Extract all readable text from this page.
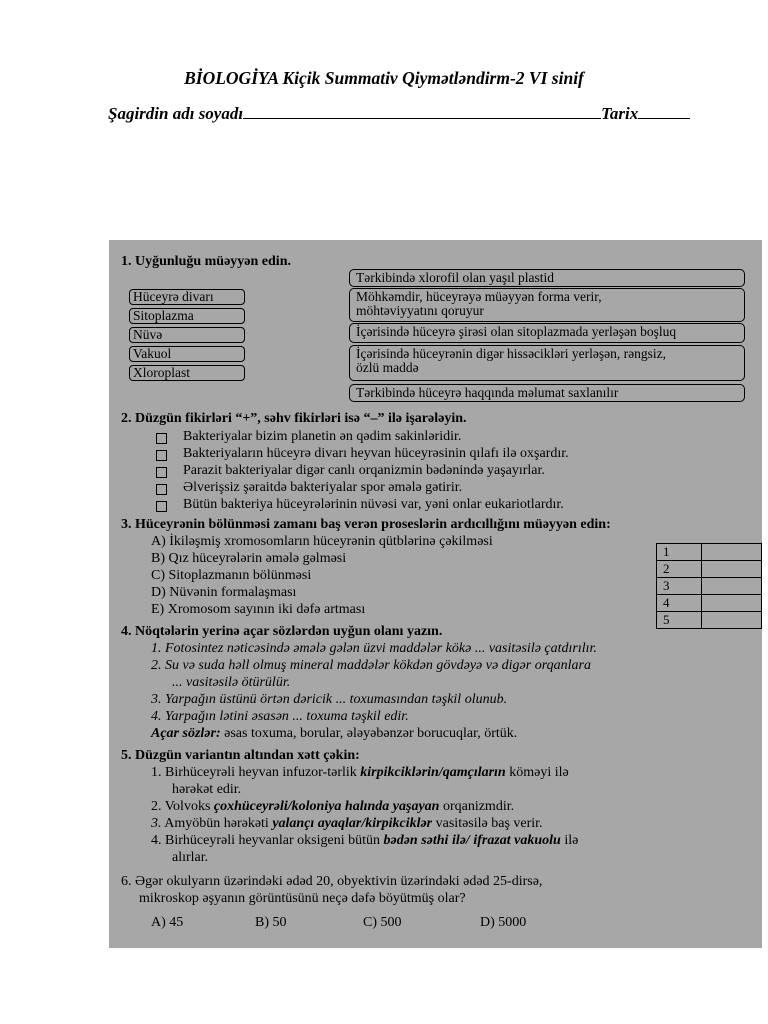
BİOLOGİYA Kiçik Summativ Qiymətləndirm-2 VI sinif
Şagirdin adı soyadı	Tarix
1. Uyğunluğu müəyyən edin.
Hüceyrə divarı
Sitoplazma
Nüvə
Vakuol
Xloroplast
Tərkibində xlorofil olan yaşıl plastid
Möhkəmdir, hüceyrəyə müəyyən forma verir,
möhtəviyyatını qoruyur
İçərisində hüceyrə şirəsi olan sitoplazmada yerləşən boşluq
İçərisində hüceyrənin digər hissəcikləri yerləşən, rəngsiz,
özlü maddə
Tərkibində hüceyrə haqqında məlumat saxlanılır
2. Düzgün fikirləri “+”, səhv fikirləri isə “–” ilə işarələyin.
Bakteriyalar bizim planetin ən qədim sakinləridir.
Bakteriyaların hüceyrə divarı heyvan hüceyrəsinin qılafı ilə oxşardır.
Parazit bakteriyalar digər canlı orqanizmin bədənində yaşayırlar.
Əlverişsiz şəraitdə bakteriyalar spor əmələ gətirir.
Bütün bakteriya hüceyrələrinin nüvəsi var, yəni onlar eukariotlardır.
3. Hüceyrənin bölünməsi zamanı baş verən proseslərin ardıcıllığını müəyyən edin:
A) İkiləşmiş xromosomların hüceyrənin qütblərinə çəkilməsi
B) Qız hüceyrələrin əmələ gəlməsi
C) Sitoplazmanın bölünməsi
D) Nüvənin formalaşması
E) Xromosom sayının iki dəfə artması
1	
2	
3	
4	
5	
4. Nöqtələrin yerinə açar sözlərdən uyğun olanı yazın.
1. Fotosintez nəticəsində əmələ gələn üzvi maddələr kökə ... vasitəsilə çatdırılır.
2. Su və suda həll olmuş mineral maddələr kökdən gövdəyə və digər orqanlara
... vasitəsilə ötürülür.
3. Yarpağın üstünü örtən dəricik ... toxumasından təşkil olunub.
4. Yarpağın lətini əsasən ... toxuma təşkil edir.
Açar sözlər: əsas toxuma, borular, ələyəbənzər borucuqlar, örtük.
5. Düzgün variantın altından xətt çəkin:
1. Birhüceyrəli heyvan infuzor-tərlik kirpikciklərin/qamçıların köməyi ilə
hərəkət edir.
2. Volvoks çoxhüceyrəli/koloniya halında yaşayan orqanizmdir.
3. Amyöbün hərəkəti yalançı ayaqlar/kirpikciklər vasitəsilə baş verir.
4. Birhüceyrəli heyvanlar oksigeni bütün bədən səthi ilə/ ifrazat vakuolu ilə
alırlar.
6. Əgər okulyarın üzərindəki ədəd 20, obyektivin üzərindəki ədəd 25-dirsə,
mikroskop əşyanın görüntüsünü neçə dəfə böyütmüş olar?
A) 45	B) 50	C) 500	D) 5000
